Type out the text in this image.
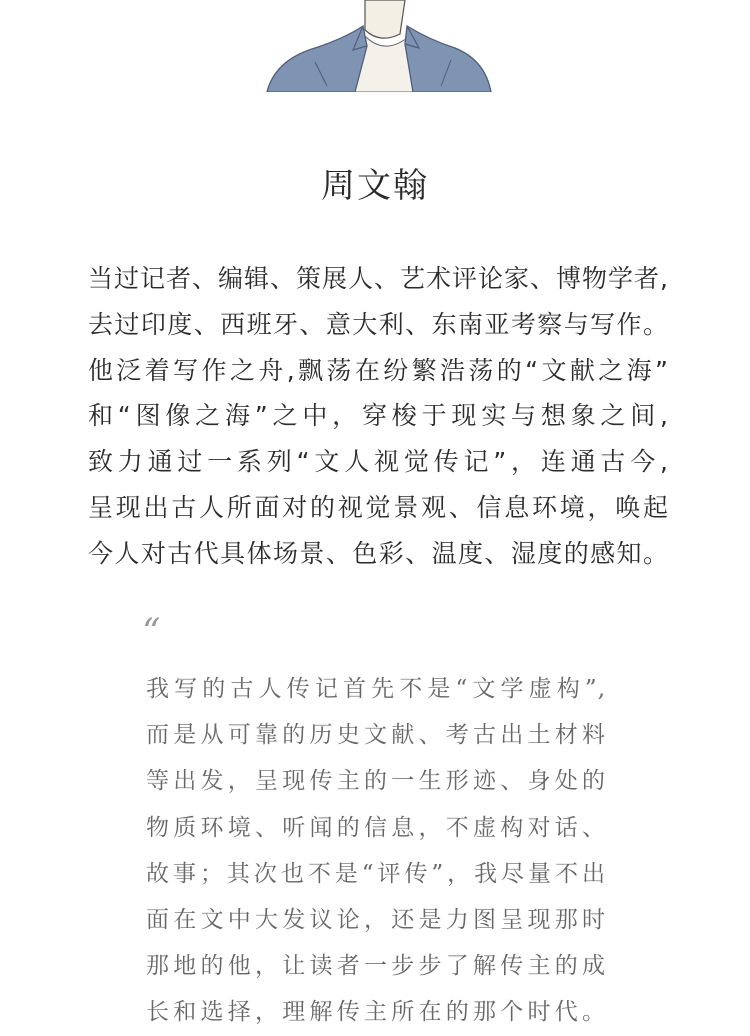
周文翰
当过记者、编辑、策展人、艺术评论家、博物学者,
去过印度、西班牙、意大利、东南亚考察与写作。
他泛着写作之舟,飘荡在纷繁浩荡的“文献之海”
和“图像之海”之中，穿梭于现实与想象之间,
致力通过一系列“文人视觉传记”，连通古今,
呈现出古人所面对的视觉景观、信息环境，唤起
今人对古代具体场景、色彩、温度、湿度的感知。
“
我写的古人传记首先不是“文学虚构”,
而是从可靠的历史文献、考古出土材料
等出发，呈现传主的一生形迹、身处的
物质环境、听闻的信息，不虚构对话、
故事；其次也不是“评传”，我尽量不出
面在文中大发议论，还是力图呈现那时
那地的他，让读者一步步了解传主的成
长和选择，理解传主所在的那个时代。
